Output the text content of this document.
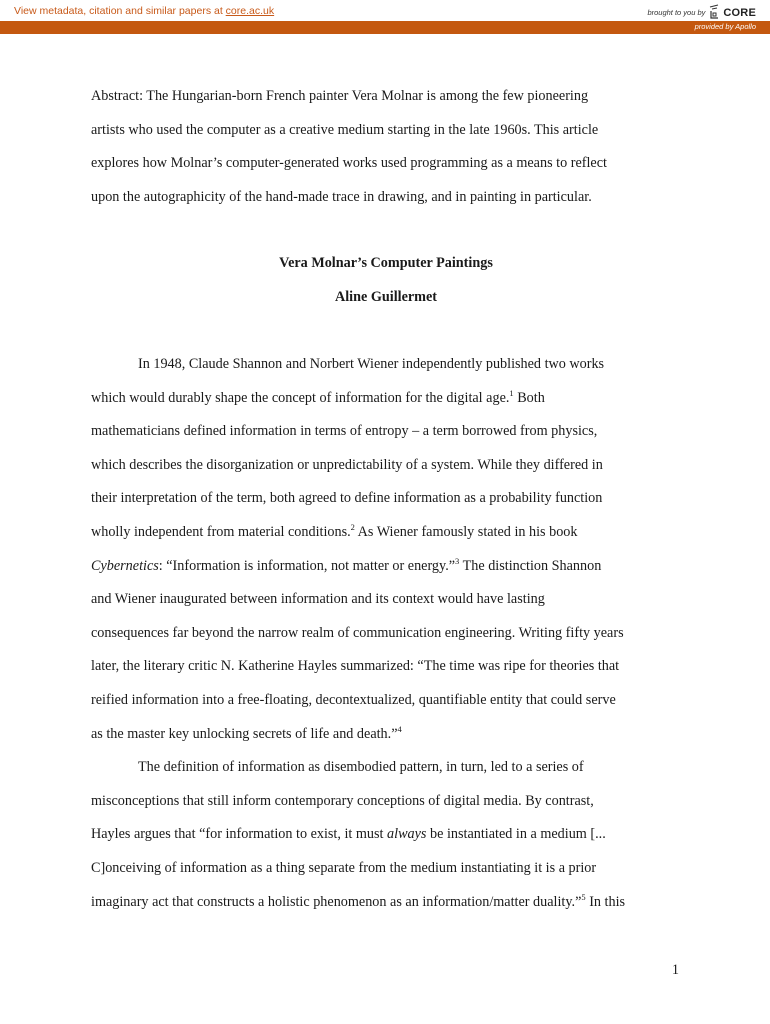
View metadata, citation and similar papers at core.ac.uk	brought to you by CORE
provided by Apollo
Abstract: The Hungarian-born French painter Vera Molnar is among the few pioneering
artists who used the computer as a creative medium starting in the late 1960s. This article
explores how Molnar’s computer-generated works used programming as a means to reflect
upon the autographicity of the hand-made trace in drawing, and in painting in particular.
Vera Molnar’s Computer Paintings
Aline Guillermet
In 1948, Claude Shannon and Norbert Wiener independently published two works
which would durably shape the concept of information for the digital age.$^1$ Both
mathematicians defined information in terms of entropy – a term borrowed from physics,
which describes the disorganization or unpredictability of a system. While they differed in
their interpretation of the term, both agreed to define information as a probability function
wholly independent from material conditions.$^2$ As Wiener famously stated in his book
Cybernetics: “Information is information, not matter or energy.”$^3$ The distinction Shannon
and Wiener inaugurated between information and its context would have lasting
consequences far beyond the narrow realm of communication engineering. Writing fifty years
later, the literary critic N. Katherine Hayles summarized: “The time was ripe for theories that
reified information into a free-floating, decontextualized, quantifiable entity that could serve
as the master key unlocking secrets of life and death.”$^4$
The definition of information as disembodied pattern, in turn, led to a series of
misconceptions that still inform contemporary conceptions of digital media. By contrast,
Hayles argues that “for information to exist, it must always be instantiated in a medium [...
C]onceiving of information as a thing separate from the medium instantiating it is a prior
imaginary act that constructs a holistic phenomenon as an information/matter duality.”$^5$ In this
1
